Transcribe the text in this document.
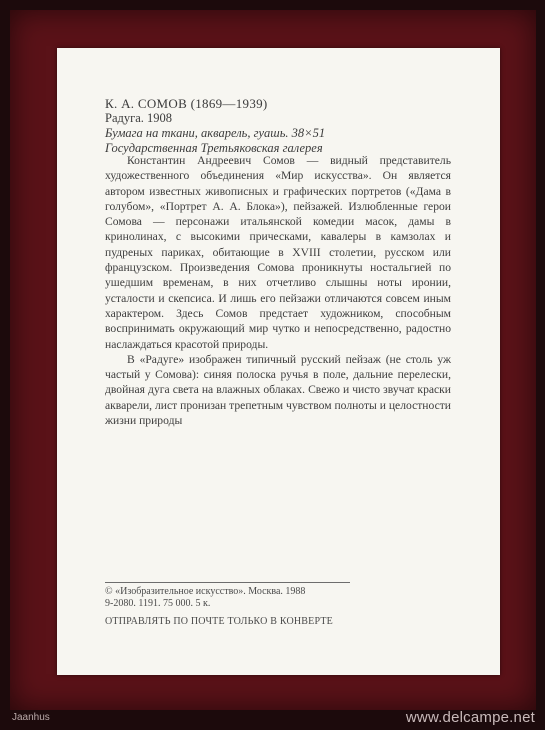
К. А. СОМОВ (1869—1939)
Радуга. 1908
Бумага на ткани, акварель, гуашь. 38×51
Государственная Третьяковская галерея

Константин Андреевич Сомов — видный представитель художественного объединения «Мир искусства». Он является автором известных живописных и графических портретов («Дама в голубом», «Портрет А. А. Блока»), пейзажей. Излюбленные герои Сомова — персонажи итальянской комедии масок, дамы в кринолинах, с высокими прическами, кавалеры в камзолах и пудреных париках, обитающие в XVIII столетии, русском или французском. Произведения Сомова проникнуты ностальгией по ушедшим временам, в них отчетливо слышны ноты иронии, усталости и скепсиса. И лишь его пейзажи отличаются совсем иным характером. Здесь Сомов предстает художником, способным воспринимать окружающий мир чутко и непосредственно, радостно наслаждаться красотой природы.

В «Радуге» изображен типичный русский пейзаж (не столь уж частый у Сомова): синяя полоска ручья в поле, дальние перелески, двойная дуга света на влажных облаках. Свежо и чисто звучат краски акварели, лист пронизан трепетным чувством полноты и целостности жизни природы

© «Изобразительное искусство». Москва. 1988
9-2080. 1191. 75 000. 5 к.
ОТПРАВЛЯТЬ ПО ПОЧТЕ ТОЛЬКО В КОНВЕРТЕ
Jaanhus	www.delcampe.net
